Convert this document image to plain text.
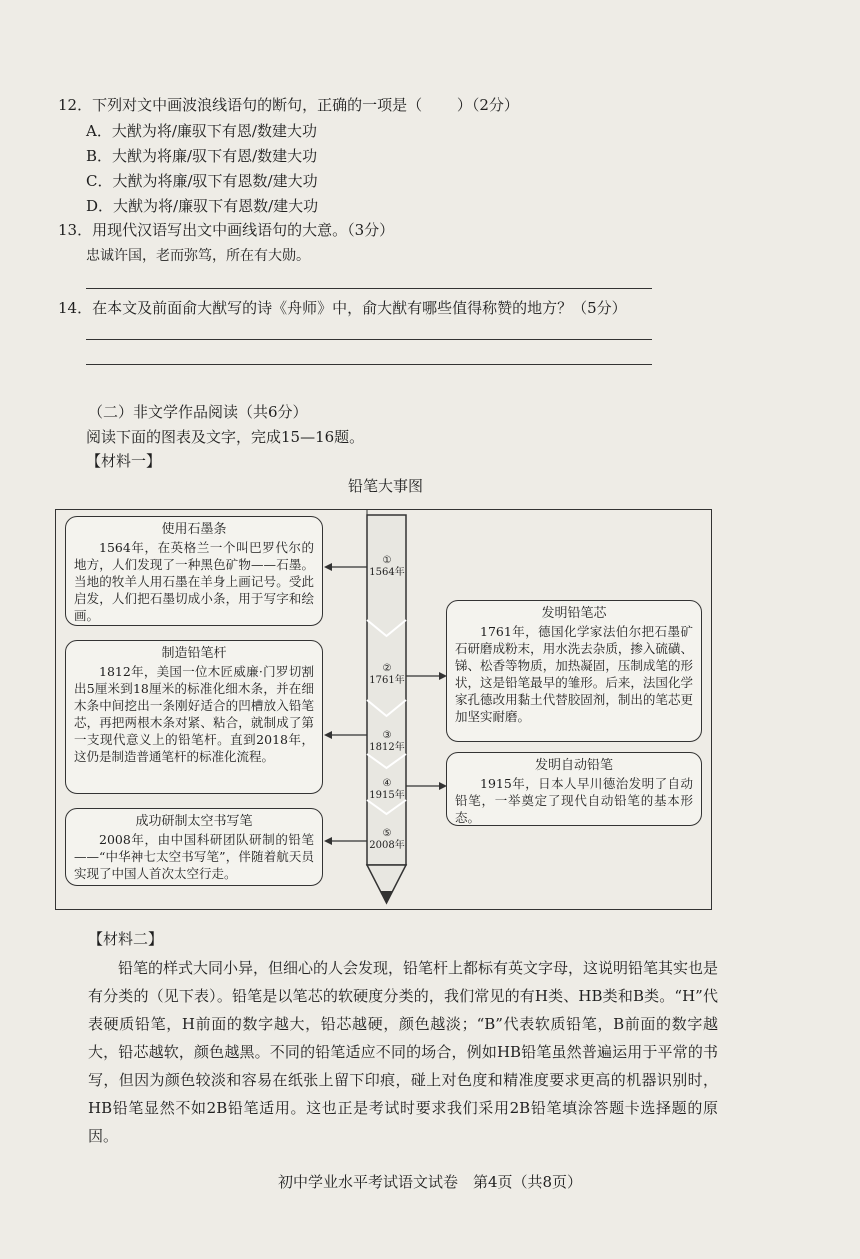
12．下列对文中画波浪线语句的断句，正确的一项是（ 　　）（2分）
A．大猷为将/廉驭下有恩/数建大功
B．大猷为将廉/驭下有恩/数建大功
C．大猷为将廉/驭下有恩数/建大功
D．大猷为将/廉驭下有恩数/建大功
13．用现代汉语写出文中画线语句的大意。（3分）
忠诚许国，老而弥笃，所在有大勋。
14．在本文及前面俞大猷写的诗《舟师》中，俞大猷有哪些值得称赞的地方？（5分）
（二）非文学作品阅读（共6分）
阅读下面的图表及文字，完成15—16题。
【材料一】
铅笔大事图
①
1564年
②
1761年
③
1812年
④
1915年
⑤
2008年
使用石墨条
1564年，在英格兰一个叫巴罗代尔的地方，人们发现了一种黑色矿物——石墨。当地的牧羊人用石墨在羊身上画记号。受此启发，人们把石墨切成小条，用于写字和绘画。
制造铅笔杆
1812年，美国一位木匠威廉·门罗切割出5厘米到18厘米的标准化细木条，并在细木条中间挖出一条刚好适合的凹槽放入铅笔芯，再把两根木条对紧、粘合，就制成了第一支现代意义上的铅笔杆。直到2018年，这仍是制造普通笔杆的标准化流程。
成功研制太空书写笔
2008年，由中国科研团队研制的铅笔——“中华神七太空书写笔”，伴随着航天员实现了中国人首次太空行走。
发明铅笔芯
1761年，德国化学家法伯尔把石墨矿石研磨成粉末，用水洗去杂质，掺入硫磺、锑、松香等物质，加热凝固，压制成笔的形状，这是铅笔最早的雏形。后来，法国化学家孔德改用黏土代替胶固剂，制出的笔芯更加坚实耐磨。
发明自动铅笔
1915年，日本人早川德治发明了自动铅笔，一举奠定了现代自动铅笔的基本形态。
【材料二】
铅笔的样式大同小异，但细心的人会发现，铅笔杆上都标有英文字母，这说明铅笔其实也是有分类的（见下表）。铅笔是以笔芯的软硬度分类的，我们常见的有H类、HB类和B类。“H”代表硬质铅笔，H前面的数字越大，铅芯越硬，颜色越淡；“B”代表软质铅笔，B前面的数字越大，铅芯越软，颜色越黑。不同的铅笔适应不同的场合，例如HB铅笔虽然普遍运用于平常的书写，但因为颜色较淡和容易在纸张上留下印痕，碰上对色度和精准度要求更高的机器识别时，HB铅笔显然不如2B铅笔适用。这也正是考试时要求我们采用2B铅笔填涂答题卡选择题的原因。
初中学业水平考试语文试卷　第4页（共8页）
